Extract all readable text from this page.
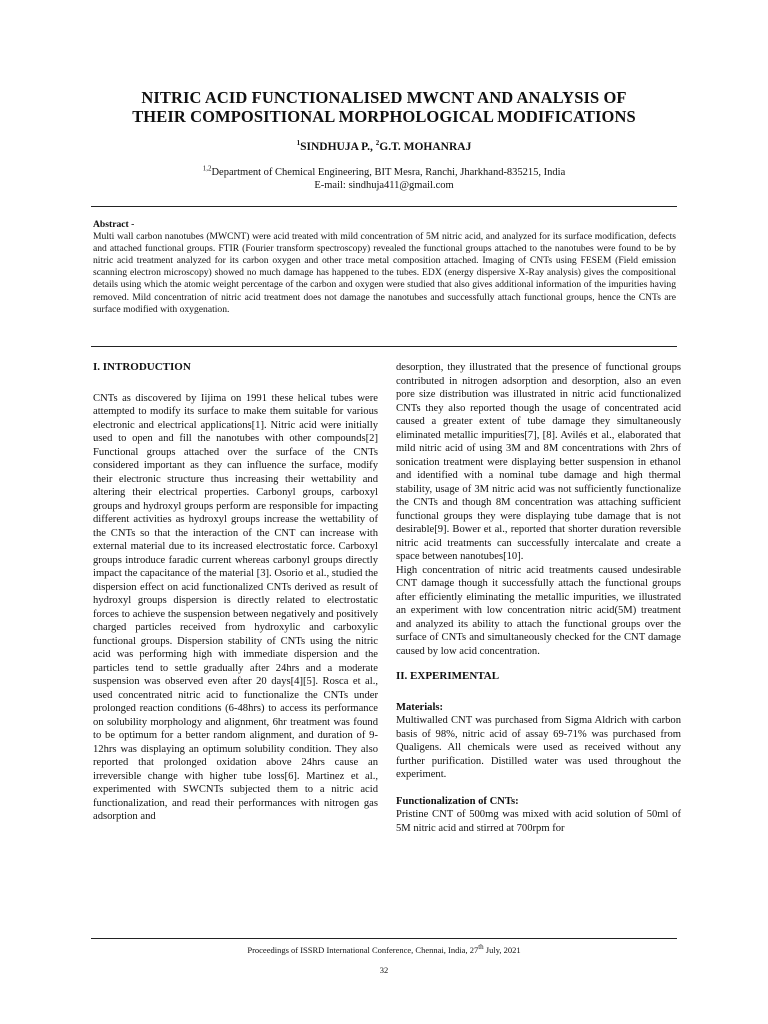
NITRIC ACID FUNCTIONALISED MWCNT AND ANALYSIS OF
THEIR COMPOSITIONAL MORPHOLOGICAL MODIFICATIONS
$^1$SINDHUJA P., $^2$G.T. MOHANRAJ
$^{1,2}$Department of Chemical Engineering, BIT Mesra, Ranchi, Jharkhand-835215, India
E-mail: sindhuja411@gmail.com
Abstract -
Multi wall carbon nanotubes (MWCNT) were acid treated with mild concentration of 5M nitric acid, and analyzed for its surface modification, defects and attached functional groups. FTIR (Fourier transform spectroscopy) revealed the functional groups attached to the nanotubes were found to be by nitric acid treatment analyzed for its carbon oxygen and other trace metal composition attached. Imaging of CNTs using FESEM (Field emission scanning electron microscopy) showed no much damage has happened to the tubes. EDX (energy dispersive X-Ray analysis) gives the compositional details using which the atomic weight percentage of the carbon and oxygen were studied that also gives additional information of the impurities having removed. Mild concentration of nitric acid treatment does not damage the nanotubes and successfully attach functional groups, hence the CNTs are surface modified with oxygenation.

I. INTRODUCTION

CNTs as discovered by Iijima on 1991 these helical tubes were attempted to modify its surface to make them suitable for various electronic and electrical applications[1]. Nitric acid were initially used to open and fill the nanotubes with other compounds[2] Functional groups attached over the surface of the CNTs considered important as they can influence the surface, modify their electronic structure thus increasing their wettability and altering their electrical properties. Carbonyl groups, carboxyl groups and hydroxyl groups perform are responsible for impacting different activities as hydroxyl groups increase the wettability of the CNTs so that the interaction of the CNT can increase with external material due to its increased electrostatic force. Carboxyl groups introduce faradic current whereas carbonyl groups directly impact the capacitance of the material [3]. Osorio et al., studied the dispersion effect on acid functionalized CNTs derived as result of hydroxyl groups dispersion is directly related to electrostatic forces to achieve the suspension between negatively and positively charged particles received from hydroxylic and carboxylic functional groups. Dispersion stability of CNTs using the nitric acid was performing high with immediate dispersion and the particles tend to settle gradually after 24hrs and a moderate suspension was observed even after 20 days[4][5]. Rosca et al., used concentrated nitric acid to functionalize the CNTs under prolonged reaction conditions (6-48hrs) to access its performance on solubility morphology and alignment, 6hr treatment was found to be optimum for a better random alignment, and duration of 9-12hrs was displaying an optimum solubility condition. They also reported that prolonged oxidation above 24hrs cause an irreversible change with higher tube loss[6]. Martinez et al., experimented with SWCNTs subjected them to a nitric acid functionalization, and read their performances with nitrogen gas adsorption and

desorption, they illustrated that the presence of functional groups contributed in nitrogen adsorption and desorption, also an even pore size distribution was illustrated in nitric acid functionalized CNTs they also reported though the usage of concentrated acid caused a greater extent of tube damage they simultaneously eliminated metallic impurities[7], [8]. Avilés et al., elaborated that mild nitric acid of using 3M and 8M concentrations with 2hrs of sonication treatment were displaying better suspension in ethanol and identified with a nominal tube damage and high thermal stability, usage of 3M nitric acid was not sufficiently functionalize the CNTs and though 8M concentration was attaching sufficient functional groups they were displaying tube damage that is not desirable[9]. Bower et al., reported that shorter duration reversible nitric acid treatments can successfully intercalate and create a space between nanotubes[10].

High concentration of nitric acid treatments caused undesirable CNT damage though it successfully attach the functional groups after efficiently eliminating the metallic impurities, we illustrated an experiment with low concentration nitric acid(5M) treatment and analyzed its ability to attach the functional groups over the surface of CNTs and simultaneously checked for the CNT damage caused by low acid concentration.

II. EXPERIMENTAL

Materials:

Multiwalled CNT was purchased from Sigma Aldrich with carbon basis of 98%, nitric acid of assay 69-71% was purchased from Qualigens. All chemicals were used as received without any further purification. Distilled water was used throughout the experiment.

Functionalization of CNTs:

Pristine CNT of 500mg was mixed with acid solution of 50ml of 5M nitric acid and stirred at 700rpm for

Proceedings of ISSRD International Conference, Chennai, India, 27th July, 2021
32
